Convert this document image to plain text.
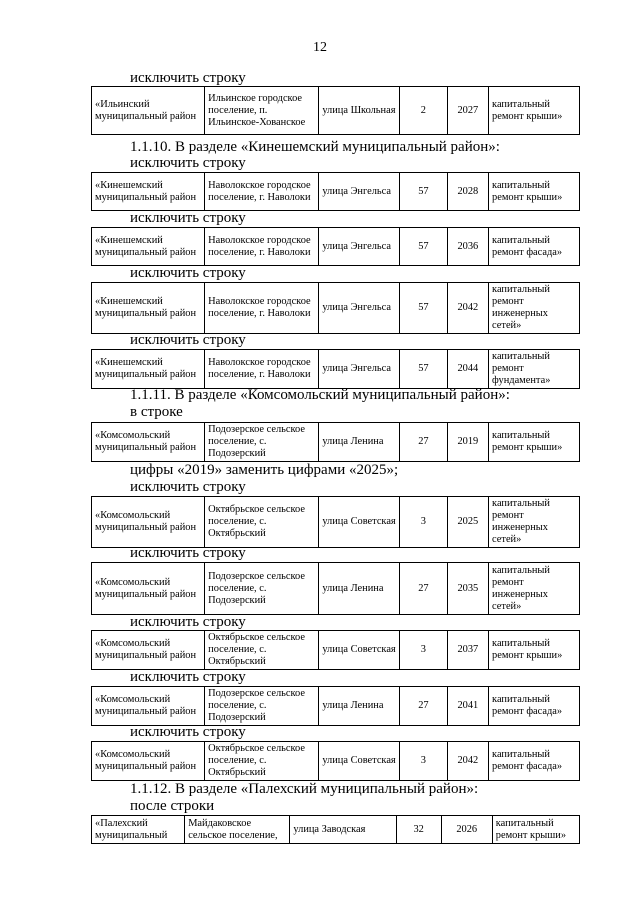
12
исключить строку
«Ильинский муниципальный район	Ильинское городское поселение, п. Ильинское-Хованское	улица Школьная	2	2027	капитальный ремонт крыши»
1.1.10. В разделе «Кинешемский муниципальный район»:
исключить строку
«Кинешемский муниципальный район	Наволокское городское поселение, г. Наволоки	улица Энгельса	57	2028	капитальный ремонт крыши»
исключить строку
«Кинешемский муниципальный район	Наволокское городское поселение, г. Наволоки	улица Энгельса	57	2036	капитальный ремонт фасада»
исключить строку
«Кинешемский муниципальный район	Наволокское городское поселение, г. Наволоки	улица Энгельса	57	2042	капитальный ремонт инженерных сетей»
исключить строку
«Кинешемский муниципальный район	Наволокское городское поселение, г. Наволоки	улица Энгельса	57	2044	капитальный ремонт фундамента»
1.1.11. В разделе «Комсомольский муниципальный район»:
в строке
«Комсомольский муниципальный район	Подозерское сельское поселение, с. Подозерский	улица Ленина	27	2019	капитальный ремонт крыши»
цифры «2019» заменить цифрами «2025»;
исключить строку
«Комсомольский муниципальный район	Октябрьское сельское поселение, с. Октябрьский	улица Советская	3	2025	капитальный ремонт инженерных сетей»
исключить строку
«Комсомольский муниципальный район	Подозерское сельское поселение, с. Подозерский	улица Ленина	27	2035	капитальный ремонт инженерных сетей»
исключить строку
«Комсомольский муниципальный район	Октябрьское сельское поселение, с. Октябрьский	улица Советская	3	2037	капитальный ремонт крыши»
исключить строку
«Комсомольский муниципальный район	Подозерское сельское поселение, с. Подозерский	улица Ленина	27	2041	капитальный ремонт фасада»
исключить строку
«Комсомольский муниципальный район	Октябрьское сельское поселение, с. Октябрьский	улица Советская	3	2042	капитальный ремонт фасада»
1.1.12. В разделе «Палехский муниципальный район»:
после строки
«Палехский муниципальный	Майдаковское сельское поселение,	улица Заводская	32	2026	капитальный ремонт крыши»
